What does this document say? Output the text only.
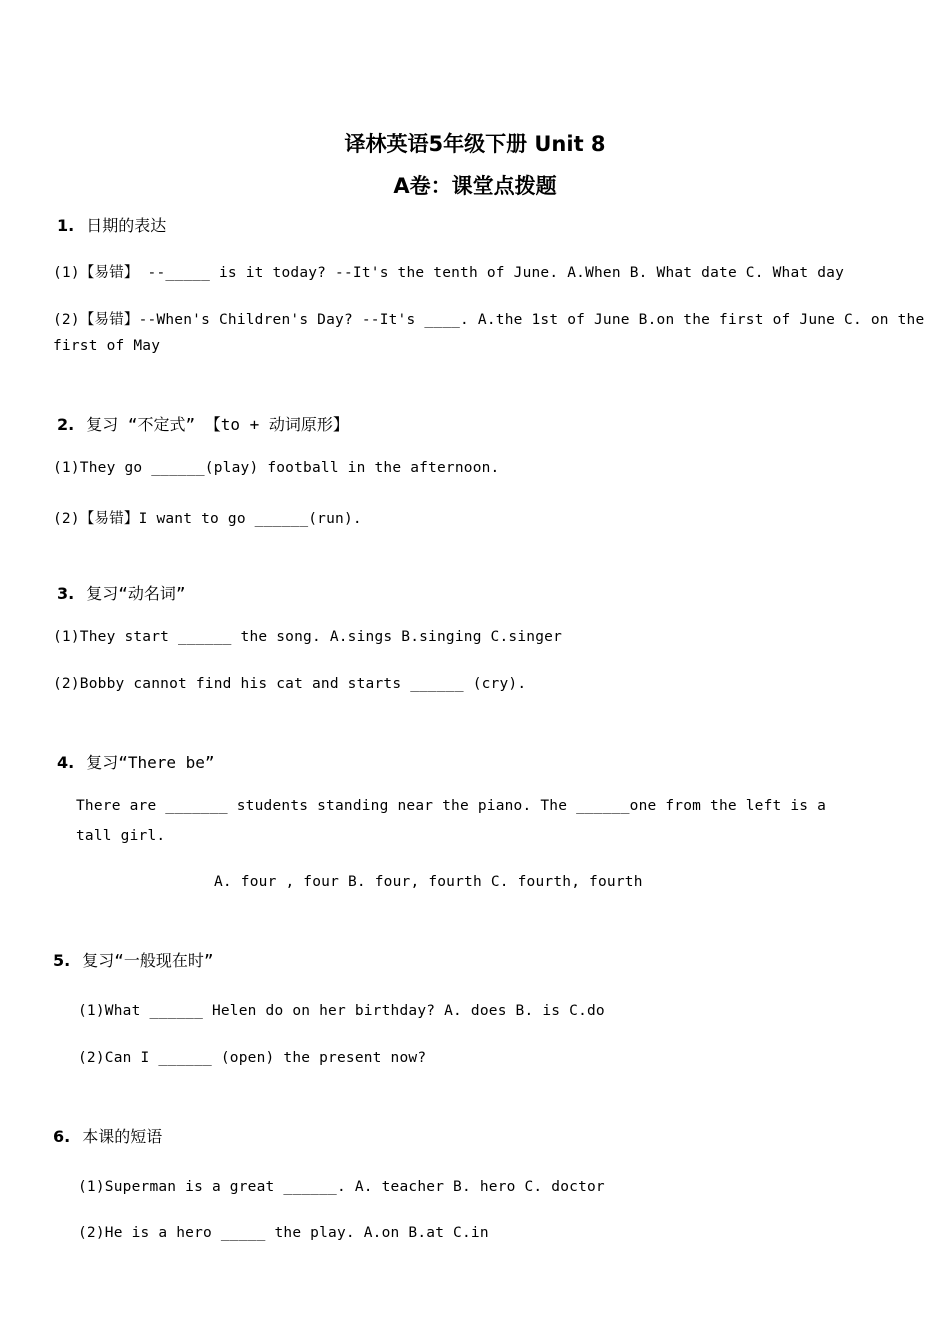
译林英语5年级下册 Unit 8
A卷：课堂点拨题
1. 日期的表达
(1)【易错】 --_____ is it today? --It's the tenth of June. A.When B. What date C. What day
(2)【易错】--When's Children's Day? --It's ____. A.the 1st of June B.on the first of June C. on the
first of May
2. 复习 “不定式” 【to + 动词原形】
(1)They go ______(play) football in the afternoon.
(2)【易错】I want to go ______(run).
3. 复习“动名词”
(1)They start ______ the song. A.sings B.singing C.singer
(2)Bobby cannot find his cat and starts ______ (cry).
4. 复习“There be”
There are _______ students standing near the piano. The ______one from the left is a
tall girl.
A. four , four B. four, fourth C. fourth, fourth
5. 复习“一般现在时”
(1)What ______ Helen do on her birthday? A. does B. is C.do
(2)Can I ______ (open) the present now?
6. 本课的短语
(1)Superman is a great ______. A. teacher B. hero C. doctor
(2)He is a hero _____ the play. A.on B.at C.in
